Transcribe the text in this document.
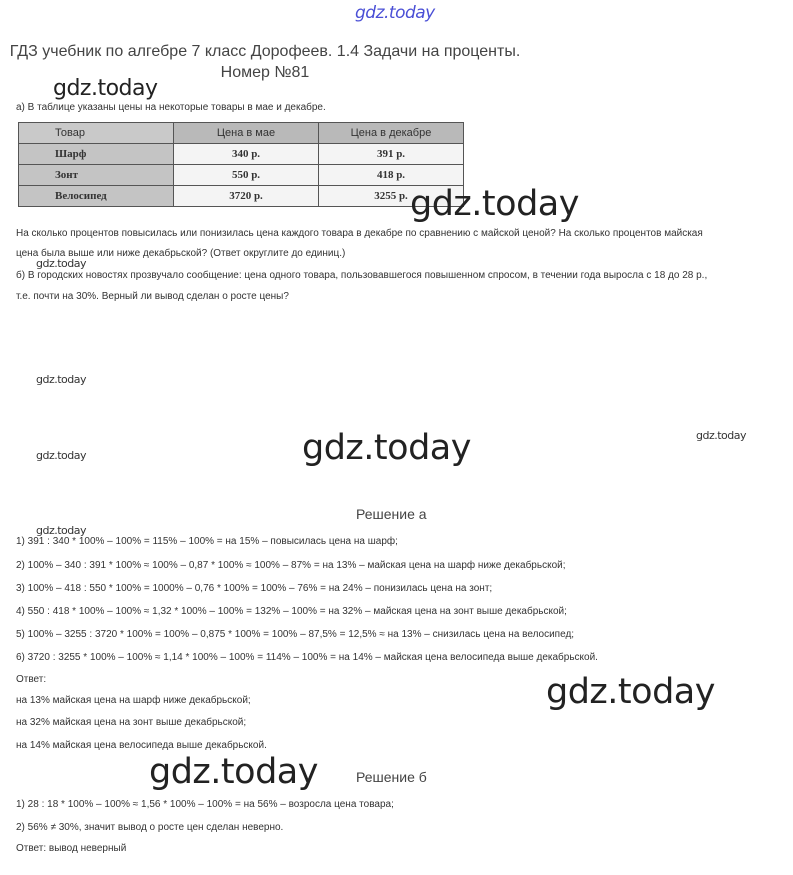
gdz.today
ГДЗ учебник по алгебре 7 класс Дорофеев. 1.4 Задачи на проценты. Номер №81
gdz.today
а) В таблице указаны цены на некоторые товары в мае и декабре.
Товар	Цена в мае	Цена в декабре
Шарф	340 р.	391 р.
Зонт	550 р.	418 р.
Велосипед	3720 р.	3255 р. gdz.today
На сколько процентов повысилась или понизилась цена каждого товара в декабре по сравнению с майской ценой? На сколько процентов майская
цена была выше или ниже декабрьской? (Ответ округлите до единиц.)
gdz.today
б) В городских новостях прозвучало сообщение: цена одного товара, пользовавшегося повышенном спросом, в течении года выросла с 18 до 28 р.,
т.е. почти на 30%. Верный ли вывод сделан о росте цены?
gdz.today
gdz.today	gdz.today
gdz.today
Решение а
gdz.today
1) 391 : 340 * 100% – 100% = 115% – 100% = на 15% – повысилась цена на шарф;
2) 100% – 340 : 391 * 100% ≈ 100% – 0,87 * 100% ≈ 100% – 87% = на 13% – майская цена на шарф ниже декабрьской;
3) 100% – 418 : 550 * 100% = 1000% – 0,76 * 100% = 100% – 76% = на 24% – понизилась цена на зонт;
4) 550 : 418 * 100% – 100% ≈ 1,32 * 100% – 100% = 132% – 100% = на 32% – майская цена на зонт выше декабрьской;
5) 100% – 3255 : 3720 * 100% = 100% – 0,875 * 100% = 100% – 87,5% = 12,5% ≈ на 13% – снизилась цена на велосипед;
6) 3720 : 3255 * 100% – 100% ≈ 1,14 * 100% – 100% = 114% – 100% = на 14% – майская цена велосипеда выше декабрьской.
Ответ:	gdz.today
на 13% майская цена на шарф ниже декабрьской;
на 32% майская цена на зонт выше декабрьской;
на 14% майская цена велосипеда выше декабрьской.
gdz.today	Решение б
1) 28 : 18 * 100% – 100% ≈ 1,56 * 100% – 100% = на 56% – возросла цена товара;
2) 56% ≠ 30%, значит вывод о росте цен сделан неверно.
Ответ: вывод неверный
